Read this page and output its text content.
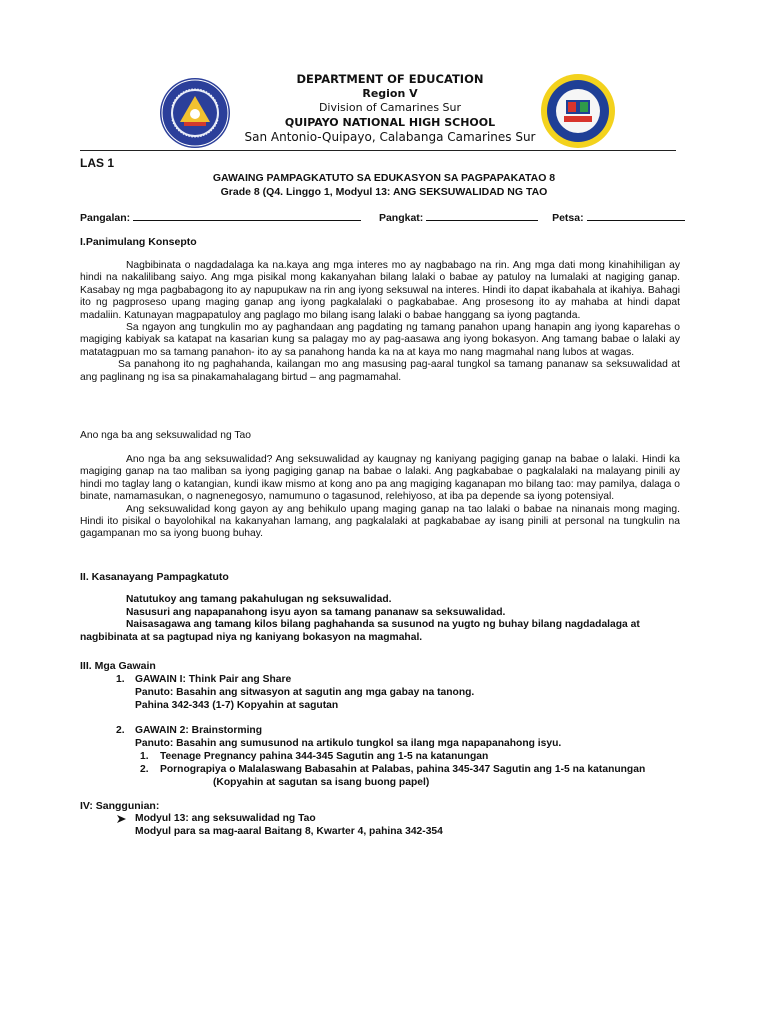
DEPARTMENT OF EDUCATION
Region V
Division of Camarines Sur
QUIPAYO NATIONAL HIGH SCHOOL
San Antonio-Quipayo, Calabanga Camarines Sur
LAS 1
GAWAING PAMPAGKATUTO SA EDUKASYON SA PAGPAPAKATAO 8
Grade 8 (Q4. Linggo 1, Modyul 13: ANG SEKSUWALIDAD NG TAO
Pangalan:	Pangkat:	Petsa:
I.Panimulang Konsepto

Nagbibinata o nagdadalaga ka na.kaya ang mga interes mo ay nagbabago na rin. Ang mga dati mong kinahihiligan ay hindi na nakalilibang saiyo. Ang mga pisikal mong kakanyahan bilang lalaki o babae ay patuloy na lumalaki at nagiging ganap. Kasabay ng mga pagbabagong ito ay napupukaw na rin ang iyong seksuwal na interes. Hindi ito dapat ikabahala at ikahiya. Bahagi ito ng pagproseso upang maging ganap ang iyong pagkalalaki o pagkababae. Ang prosesong ito ay mahaba at hindi dapat madaliin. Katunayan magpapatuloy ang paglago mo bilang isang lalaki o babae hanggang sa iyong pagtanda.

Sa ngayon ang tungkulin mo ay paghandaan ang pagdating ng tamang panahon upang hanapin ang iyong kaparehas o magiging kabiyak sa katapat na kasarian kung sa palagay mo ay pag-aasawa ang iyong bokasyon. Ang tamang babae o lalaki ay matatagpuan mo sa tamang panahon- ito ay sa panahong handa ka na at kaya mo nang magmahal nang lubos at wagas.

Sa panahong ito ng paghahanda, kailangan mo ang masusing pag-aaral tungkol sa tamang pananaw sa seksuwalidad at ang paglinang ng isa sa pinakamahalagang birtud – ang pagmamahal.

Ano nga ba ang seksuwalidad ng Tao

Ano nga ba ang seksuwalidad? Ang seksuwalidad ay kaugnay ng kaniyang pagiging ganap na babae o lalaki. Hindi ka magiging ganap na tao maliban sa iyong pagiging ganap na babae o lalaki. Ang pagkababae o pagkalalaki na malayang pinili ay hindi mo taglay lang o katangian, kundi ikaw mismo at kong ano pa ang magiging kaganapan mo bilang tao: may pamilya, dalaga o binate, namamasukan, o nagnenegosyo, namumuno o tagasunod, relehiyoso, at iba pa depende sa iyong potensiyal.

Ang seksuwalidad kong gayon ay ang behikulo upang maging ganap na tao lalaki o babae na ninanais mong maging. Hindi ito pisikal o bayolohikal na kakanyahan lamang, ang pagkalalaki at pagkababae ay isang pinili at personal na tungkulin na gagampanan mo sa iyong buong buhay.

II. Kasanayang Pampagkatuto
Natutukoy ang tamang pakahulugan ng seksuwalidad.
Nasusuri ang napapanahong isyu ayon sa tamang pananaw sa seksuwalidad.
Naisasagawa ang tamang kilos bilang paghahanda sa susunod na yugto ng buhay bilang nagdadalaga at
nagbibinata at sa pagtupad niya ng kaniyang bokasyon na magmahal.
III. Mga Gawain
1. GAWAIN I: Think Pair ang Share
Panuto: Basahin ang sitwasyon at sagutin ang mga gabay na tanong.
Pahina 342-343 (1-7) Kopyahin at sagutan
2. GAWAIN 2: Brainstorming
Panuto: Basahin ang sumusunod na artikulo tungkol sa ilang mga napapanahong isyu.
1. Teenage Pregnancy pahina 344-345 Sagutin ang 1-5 na katanungan
2. Pornograpiya o Malalaswang Babasahin at Palabas, pahina 345-347 Sagutin ang 1-5 na katanungan
(Kopyahin at sagutan sa isang buong papel)
IV: Sanggunian:
Modyul 13: ang seksuwalidad ng Tao
Modyul para sa mag-aaral Baitang 8, Kwarter 4, pahina 342-354
